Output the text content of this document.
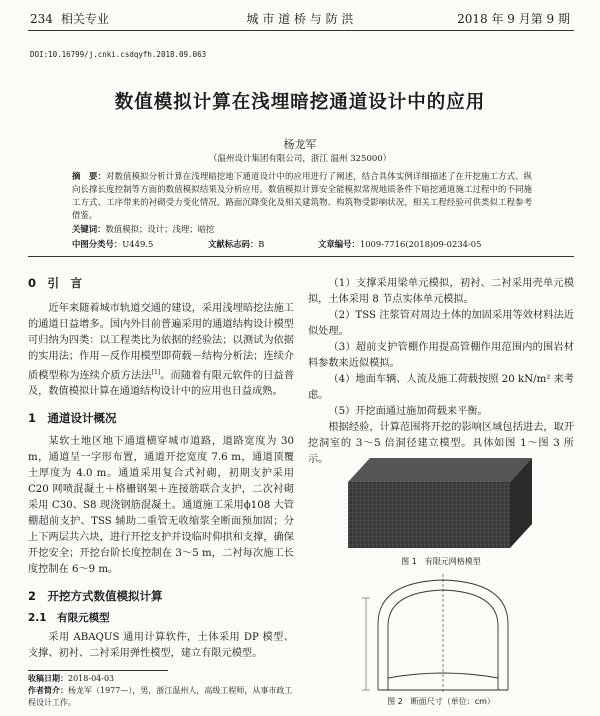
234 相关专业	城 市 道 桥 与 防 洪	2018 年 9 月第 9 期
DOI:10.16799/j.cnki.csdqyfh.2018.09.063
数值模拟计算在浅埋暗挖通道设计中的应用
杨龙军
（温州设计集团有限公司，浙江 温州 325000）
摘　要：对数值模拟分析计算在浅埋暗挖地下通道设计中的应用进行了阐述，结合具体实例详细描述了在开挖施工方式、纵向长撑长度控制等方面的数值模拟结果及分析应用。数值模拟计算安全能模拟常规地质条件下暗挖通道施工过程中的不同施工方式、工序带来的衬砌受力变化情况，路面沉降变化及相关建筑物、构筑物受影响状况，相关工程经验可供类似工程参考借鉴。
关键词：数值模拟；设计；浅埋；暗挖
中图分类号：U449.5	文献标志码：B	文章编号：1009-7716(2018)09-0234-05
0　引　言

近年来随着城市轨道交通的建设，采用浅埋暗挖法施工的通道日益增多。国内外目前普遍采用的通道结构设计模型可归纳为四类：以工程类比为依据的经验法；以测试为依据的实用法；作用－反作用模型即荷载－结构分析法；连续介质模型称为连续介质方法法[1]。而随着有限元软件的日益普及，数值模拟计算在通道结构设计中的应用也日益成熟。

1　通道设计概况

某软土地区地下通道横穿城市道路，道路宽度为 30 m，通道呈一字形布置，通道开挖宽度 7.6 m，通道顶覆土厚度为 4.0 m。通道采用复合式衬砌，初期支护采用 C20 网喷混凝土＋格栅钢架＋连接筋联合支护，二次衬砌采用 C30、S8 现浇钢筋混凝土。通道施工采用ϕ108 大管棚超前支护、TSS 辅助二重管无收缩浆全断面预加固；分上下两层共六块，进行开挖支护并设临时仰拱和支撑，确保开挖安全；开挖台阶长度控制在 3～5 m，二衬每次施工长度控制在 6～9 m。

2　开挖方式数值模拟计算
2.1　有限元模型

采用 ABAQUS 通用计算软件，土体采用 DP 模型、支撑、初衬、二衬采用弹性模型，建立有限元模型。

收稿日期：2018-04-03
作者简介：杨龙军（1977—），男，浙江温州人，高级工程师，从事市政工程设计工作。

（1）支撑采用梁单元模拟，初衬、二衬采用壳单元模拟，土体采用 8 节点实体单元模拟。

（2）TSS 注浆管对周边土体的加固采用等效材料法近似处理。

（3）超前支护管棚作用提高管棚作用范围内的围岩材料参数来近似模拟。

（4）地面车辆、人流及施工荷载按照 20 kN/m² 来考虑。

（5）开挖面通过施加荷载来平衡。

根据经验，计算范围将开挖的影响区域包括进去，取开挖洞室的 3～5 倍洞径建立模型。具体如图 1～图 3 所示。

图 1　有限元网格模型
图 2　断面尺寸（单位：cm）
